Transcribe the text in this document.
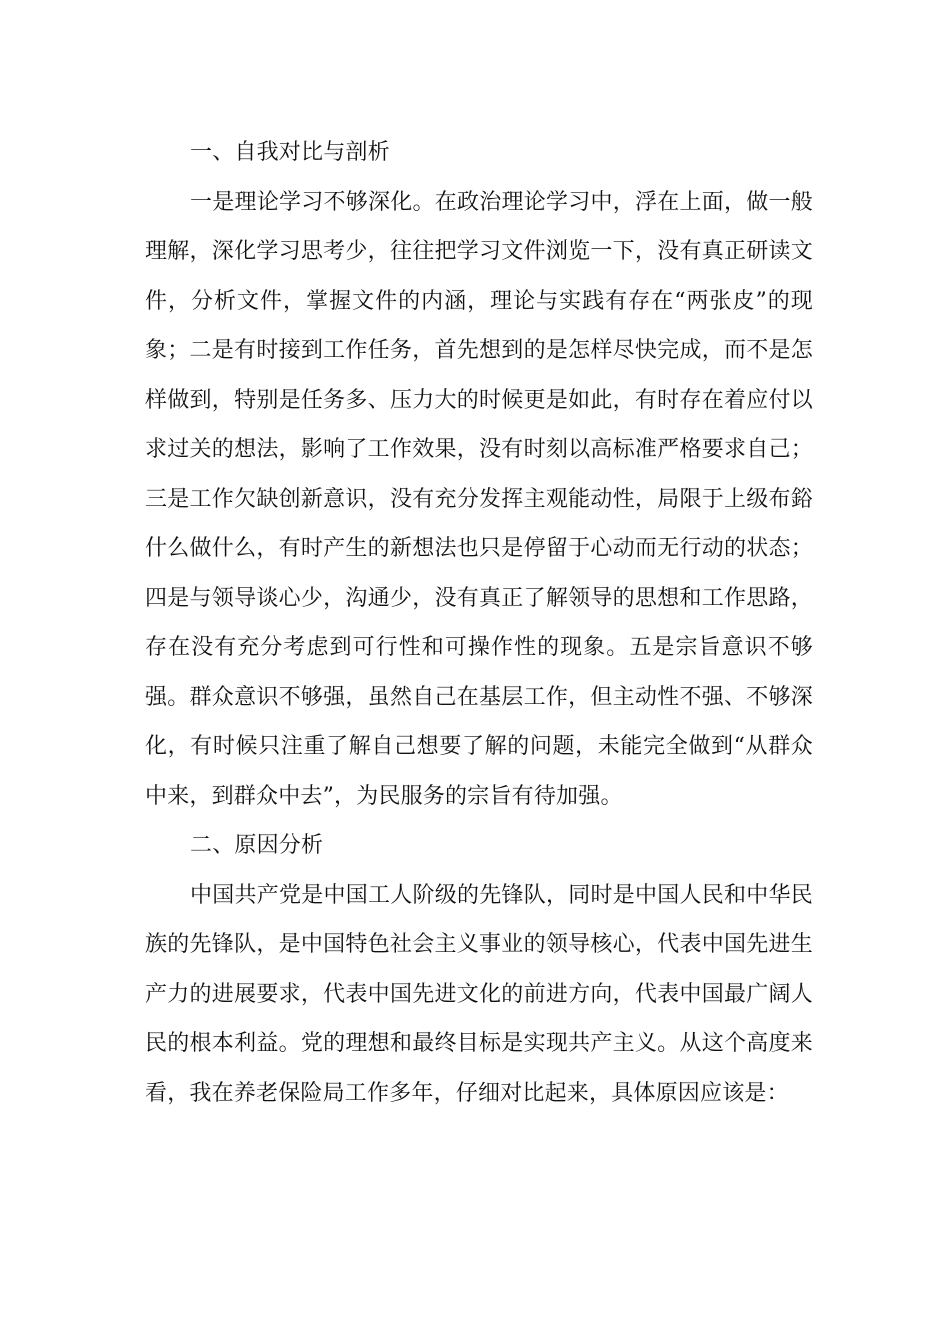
一、自我对比与剖析

一是理论学习不够深化。在政治理论学习中，浮在上面，做一般理解，深化学习思考少，往往把学习文件浏览一下，没有真正研读文件，分析文件，掌握文件的内涵，理论与实践有存在“两张皮”的现象；二是有时接到工作任务，首先想到的是怎样尽快完成，而不是怎样做到，特别是任务多、压力大的时候更是如此，有时存在着应付以求过关的想法，影响了工作效果，没有时刻以高标准严格要求自己；三是工作欠缺创新意识，没有充分发挥主观能动性，局限于上级布鋊什么做什么，有时产生的新想法也只是停留于心动而无行动的状态；四是与领导谈心少，沟通少，没有真正了解领导的思想和工作思路，存在没有充分考虑到可行性和可操作性的现象。五是宗旨意识不够强。群众意识不够强，虽然自己在基层工作，但主动性不强、不够深化，有时候只注重了解自己想要了解的问题，未能完全做到“从群众中来，到群众中去”，为民服务的宗旨有待加强。

二、原因分析

中国共产党是中国工人阶级的先锋队，同时是中国人民和中华民族的先锋队，是中国特色社会主义事业的领导核心，代表中国先进生产力的进展要求，代表中国先进文化的前进方向，代表中国最广阔人民的根本利益。党的理想和最终目标是实现共产主义。从这个高度来看，我在养老保险局工作多年，仔细对比起来，具体原因应该是：
